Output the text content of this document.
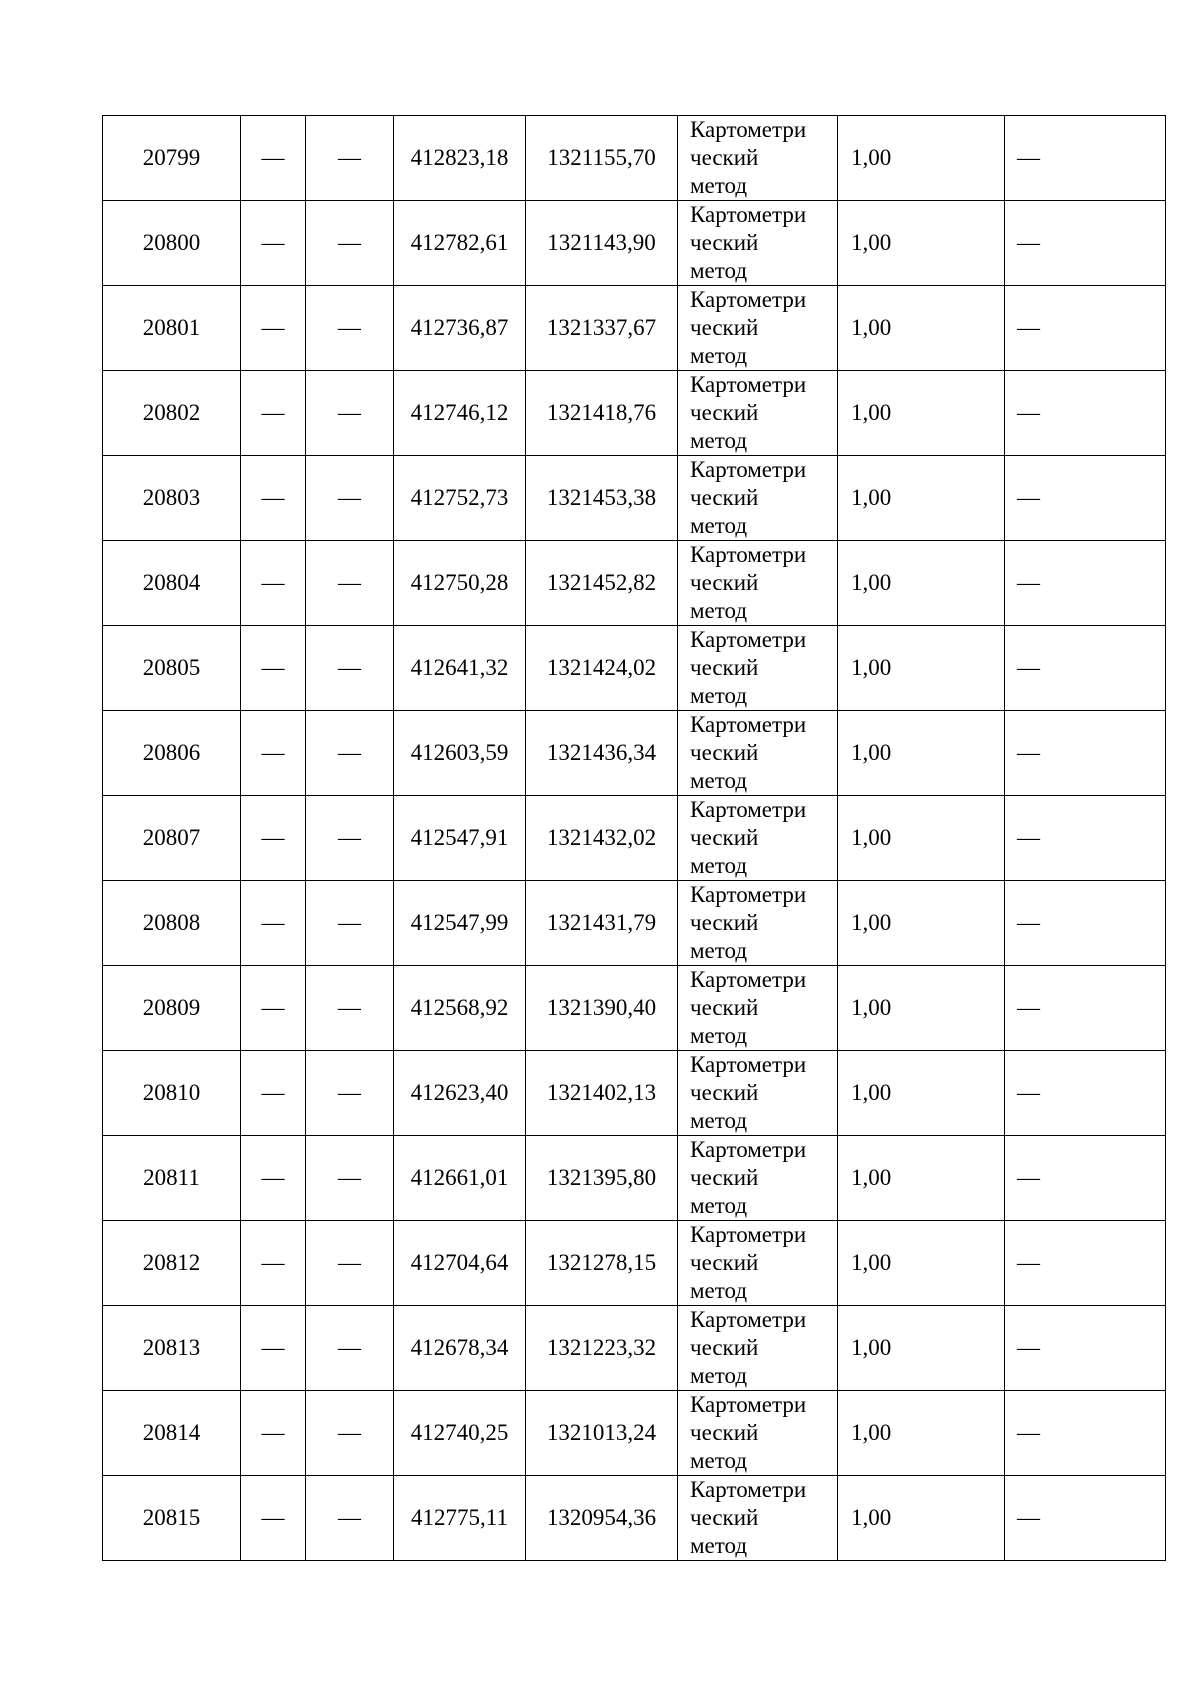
20799	—	—	412823,18	1321155,70	Картометри
ческий
метод	1,00	—
20800	—	—	412782,61	1321143,90	Картометри
ческий
метод	1,00	—
20801	—	—	412736,87	1321337,67	Картометри
ческий
метод	1,00	—
20802	—	—	412746,12	1321418,76	Картометри
ческий
метод	1,00	—
20803	—	—	412752,73	1321453,38	Картометри
ческий
метод	1,00	—
20804	—	—	412750,28	1321452,82	Картометри
ческий
метод	1,00	—
20805	—	—	412641,32	1321424,02	Картометри
ческий
метод	1,00	—
20806	—	—	412603,59	1321436,34	Картометри
ческий
метод	1,00	—
20807	—	—	412547,91	1321432,02	Картометри
ческий
метод	1,00	—
20808	—	—	412547,99	1321431,79	Картометри
ческий
метод	1,00	—
20809	—	—	412568,92	1321390,40	Картометри
ческий
метод	1,00	—
20810	—	—	412623,40	1321402,13	Картометри
ческий
метод	1,00	—
20811	—	—	412661,01	1321395,80	Картометри
ческий
метод	1,00	—
20812	—	—	412704,64	1321278,15	Картометри
ческий
метод	1,00	—
20813	—	—	412678,34	1321223,32	Картометри
ческий
метод	1,00	—
20814	—	—	412740,25	1321013,24	Картометри
ческий
метод	1,00	—
20815	—	—	412775,11	1320954,36	Картометри
ческий
метод	1,00	—
